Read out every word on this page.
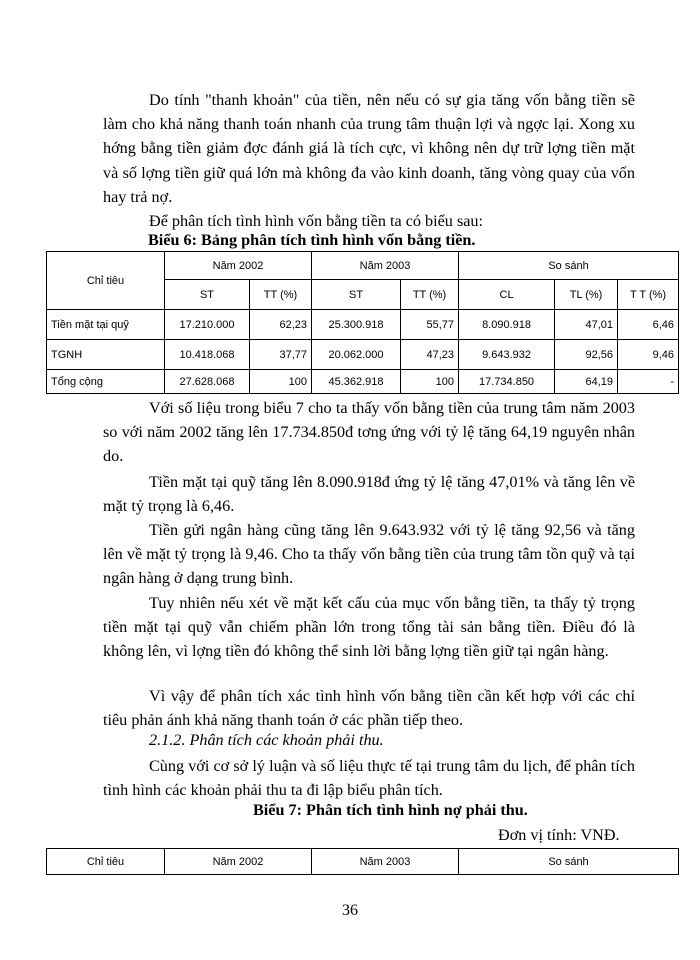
Do tính "thanh khoản" của tiền, nên nếu có sự gia tăng vốn bằng tiền sẽ làm cho khả năng thanh toán nhanh của trung tâm thuận lợi và ngợc lại. Xong xu hớng bằng tiền giảm đợc đánh giá là tích cực, vì không nên dự trữ lợng tiền mặt và số lợng tiền giữ quá lớn mà không đa vào kinh doanh, tăng vòng quay của vốn hay trả nợ.

Để phân tích tình hình vốn bằng tiền ta có biểu sau:

Biểu 6: Bảng phân tích tình hình vốn bằng tiền.

Chỉ tiêu	Năm 2002		Năm 2003		So sánh		
	ST	TT (%)	ST	TT (%)	CL	TL (%)	T T (%)
Tiền mặt tại quỹ	17.210.000	62,23	25.300.918	55,77	8.090.918	47,01	6,46
TGNH	10.418.068	37,77	20.062.000	47,23	9.643.932	92,56	9,46
Tổng cộng	27.628.068	100	45.362.918	100	17.734.850	64,19	-

Với số liệu trong biểu 7 cho ta thấy vốn bằng tiền của trung tâm năm 2003 so với năm 2002 tăng lên 17.734.850đ tơng ứng với tỷ lệ tăng 64,19 nguyên nhân do.

Tiền mặt tại quỹ tăng lên 8.090.918đ ứng tỷ lệ tăng 47,01% và tăng lên về mặt tỷ trọng là 6,46.

Tiền gửi ngân hàng cũng tăng lên 9.643.932 với tỷ lệ tăng 92,56 và tăng lên về mặt tỷ trọng là 9,46. Cho ta thấy vốn bằng tiền của trung tâm tồn quỹ và tại ngân hàng ở dạng trung bình.

Tuy nhiên nếu xét về mặt kết cấu của mục vốn bằng tiền, ta thấy tỷ trọng tiền mặt tại quỹ vẫn chiếm phần lớn trong tổng tài sản bằng tiền. Điều đó là không lên, vì lợng tiền đó không thể sinh lời bằng lợng tiền giữ tại ngân hàng.

Vì vậy để phân tích xác tình hình vốn bằng tiền cần kết hợp với các chỉ tiêu phản ánh khả năng thanh toán ở các phần tiếp theo.

2.1.2. Phân tích các khoản phải thu.

Cùng với cơ sở lý luận và số liệu thực tế tại trung tâm du lịch, để phân tích tình hình các khoản phải thu ta đi lập biểu phân tích.

Biểu 7: Phân tích tình hình nợ phải thu.

Đơn vị tính: VNĐ.

Chỉ tiêu	Năm 2002	Năm 2003	So sánh

36
